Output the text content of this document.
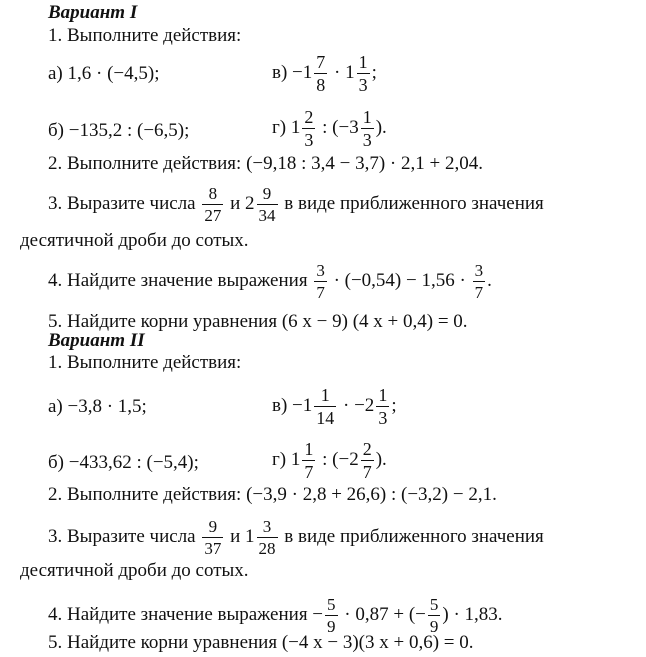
Вариант I
1. Выполните действия:
а) 1,6 · (−4,5);	$в) -1 \frac{7}{8} \cdot 1 \frac{1}{3}$ ;
б) −135,2 : (−6,5);	г) $1 \frac{2}{3}$ : ($-3 \frac{1}{3}$ ).
2. Выполните действия: (−9,18 : 3,4 − 3,7) · 2,1 + 2,04.
3. Выразите числа $\frac{8}{27}$ и $2 \frac{9}{34}$ в виде приближенного значения
десятичной дроби до сотых.
4. Найдите значение выражения $\frac{3}{7} \cdot (-0,54) - 1,56 \cdot \frac{3}{7}$ .
5. Найдите корни уравнения (6 x − 9) (4 x + 0,4) = 0.
Вариант II
1. Выполните действия:
а) −3,8 · 1,5;	$в) -1 \frac{1}{14} \cdot -2 \frac{1}{3}$ ;
б) −433,62 : (−5,4);	г) $1 \frac{1}{7}$ : ($-2 \frac{2}{7}$ ).
2. Выполните действия: (−3,9 · 2,8 + 26,6) : (−3,2) − 2,1.
3. Выразите числа $\frac{9}{37}$ и $1 \frac{3}{28}$ в виде приближенного значения
десятичной дроби до сотых.
4. Найдите значение выражения − $\frac{5}{9} \cdot 0,87$ + (− $\frac{5}{9}$ ) · 1,83.
5. Найдите корни уравнения (−4 x − 3)(3 x + 0,6) = 0.
